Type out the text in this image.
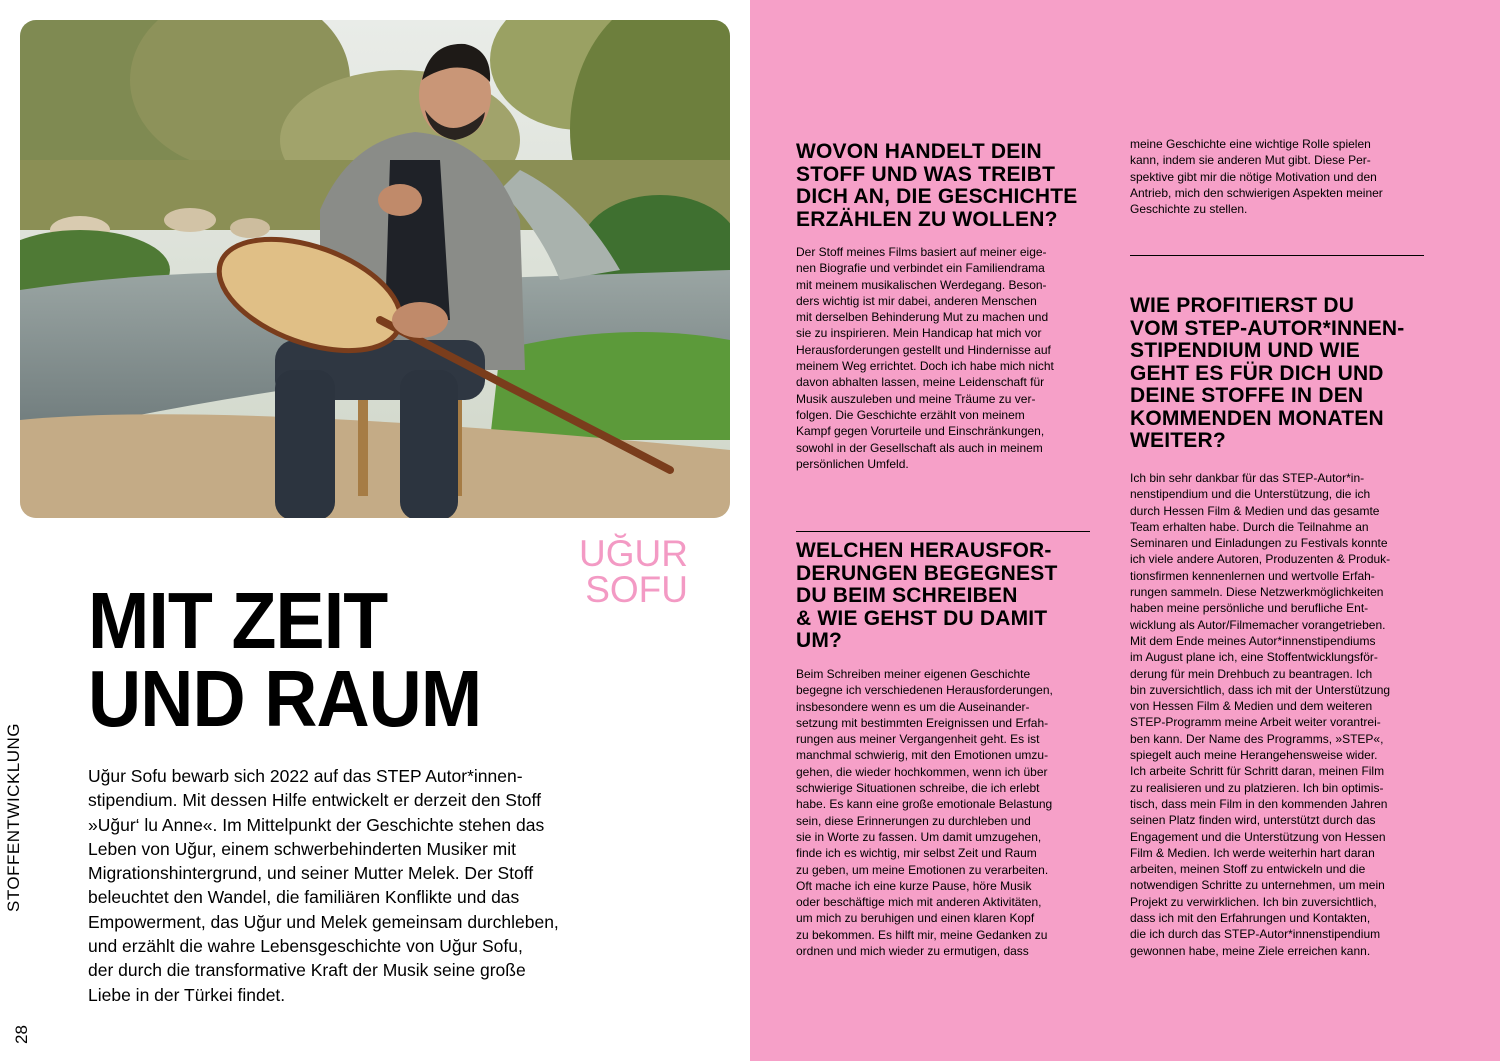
STOFFENTWICKLUNG
28
UĞUR
SOFU
MIT ZEIT
UND RAUM
Uğur Sofu bewarb sich 2022 auf das STEP Autor*innen-
stipendium. Mit dessen Hilfe entwickelt er derzeit den Stoff
»Uğur‘ lu Anne«. Im Mittelpunkt der Geschichte stehen das
Leben von Uğur, einem schwerbehinderten Musiker mit
Migrationshintergrund, und seiner Mutter Melek. Der Stoff
beleuchtet den Wandel, die familiären Konflikte und das
Empowerment, das Uğur und Melek gemeinsam durchleben,
und erzählt die wahre Lebensgeschichte von Uğur Sofu,
der durch die transformative Kraft der Musik seine große
Liebe in der Türkei findet.
WOVON HANDELT DEIN
STOFF UND WAS TREIBT
DICH AN, DIE GESCHICHTE
ERZÄHLEN ZU WOLLEN?
Der Stoff meines Films basiert auf meiner eige-
nen Biografie und verbindet ein Familiendrama
mit meinem musikalischen Werdegang. Beson-
ders wichtig ist mir dabei, anderen Menschen
mit derselben Behinderung Mut zu machen und
sie zu inspirieren. Mein Handicap hat mich vor
Herausforderungen gestellt und Hindernisse auf
meinem Weg errichtet. Doch ich habe mich nicht
davon abhalten lassen, meine Leidenschaft für
Musik auszuleben und meine Träume zu ver-
folgen. Die Geschichte erzählt von meinem
Kampf gegen Vorurteile und Einschränkungen,
sowohl in der Gesellschaft als auch in meinem
persönlichen Umfeld.
WELCHEN HERAUSFOR-
DERUNGEN BEGEGNEST
DU BEIM SCHREIBEN
& WIE GEHST DU DAMIT
UM?
Beim Schreiben meiner eigenen Geschichte
begegne ich verschiedenen Herausforderungen,
insbesondere wenn es um die Auseinander-
setzung mit bestimmten Ereignissen und Erfah-
rungen aus meiner Vergangenheit geht. Es ist
manchmal schwierig, mit den Emotionen umzu-
gehen, die wieder hochkommen, wenn ich über
schwierige Situationen schreibe, die ich erlebt
habe. Es kann eine große emotionale Belastung
sein, diese Erinnerungen zu durchleben und
sie in Worte zu fassen. Um damit umzugehen,
finde ich es wichtig, mir selbst Zeit und Raum
zu geben, um meine Emotionen zu verarbeiten.
Oft mache ich eine kurze Pause, höre Musik
oder beschäftige mich mit anderen Aktivitäten,
um mich zu beruhigen und einen klaren Kopf
zu bekommen. Es hilft mir, meine Gedanken zu
ordnen und mich wieder zu ermutigen, dass
meine Geschichte eine wichtige Rolle spielen
kann, indem sie anderen Mut gibt. Diese Per-
spektive gibt mir die nötige Motivation und den
Antrieb, mich den schwierigen Aspekten meiner
Geschichte zu stellen.
WIE PROFITIERST DU
VOM STEP-AUTOR*INNEN-
STIPENDIUM UND WIE
GEHT ES FÜR DICH UND
DEINE STOFFE IN DEN
KOMMENDEN MONATEN
WEITER?
Ich bin sehr dankbar für das STEP-Autor*in-
nenstipendium und die Unterstützung, die ich
durch Hessen Film & Medien und das gesamte
Team erhalten habe. Durch die Teilnahme an
Seminaren und Einladungen zu Festivals konnte
ich viele andere Autoren, Produzenten & Produk-
tionsfirmen kennenlernen und wertvolle Erfah-
rungen sammeln. Diese Netzwerkmöglichkeiten
haben meine persönliche und berufliche Ent-
wicklung als Autor/Filmemacher vorangetrieben.
Mit dem Ende meines Autor*innenstipendiums
im August plane ich, eine Stoffentwicklungsför-
derung für mein Drehbuch zu beantragen. Ich
bin zuversichtlich, dass ich mit der Unterstützung
von Hessen Film & Medien und dem weiteren
STEP-Programm meine Arbeit weiter vorantrei-
ben kann. Der Name des Programms, »STEP«,
spiegelt auch meine Herangehensweise wider.
Ich arbeite Schritt für Schritt daran, meinen Film
zu realisieren und zu platzieren. Ich bin optimis-
tisch, dass mein Film in den kommenden Jahren
seinen Platz finden wird, unterstützt durch das
Engagement und die Unterstützung von Hessen
Film & Medien. Ich werde weiterhin hart daran
arbeiten, meinen Stoff zu entwickeln und die
notwendigen Schritte zu unternehmen, um mein
Projekt zu verwirklichen. Ich bin zuversichtlich,
dass ich mit den Erfahrungen und Kontakten,
die ich durch das STEP-Autor*innenstipendium
gewonnen habe, meine Ziele erreichen kann.
